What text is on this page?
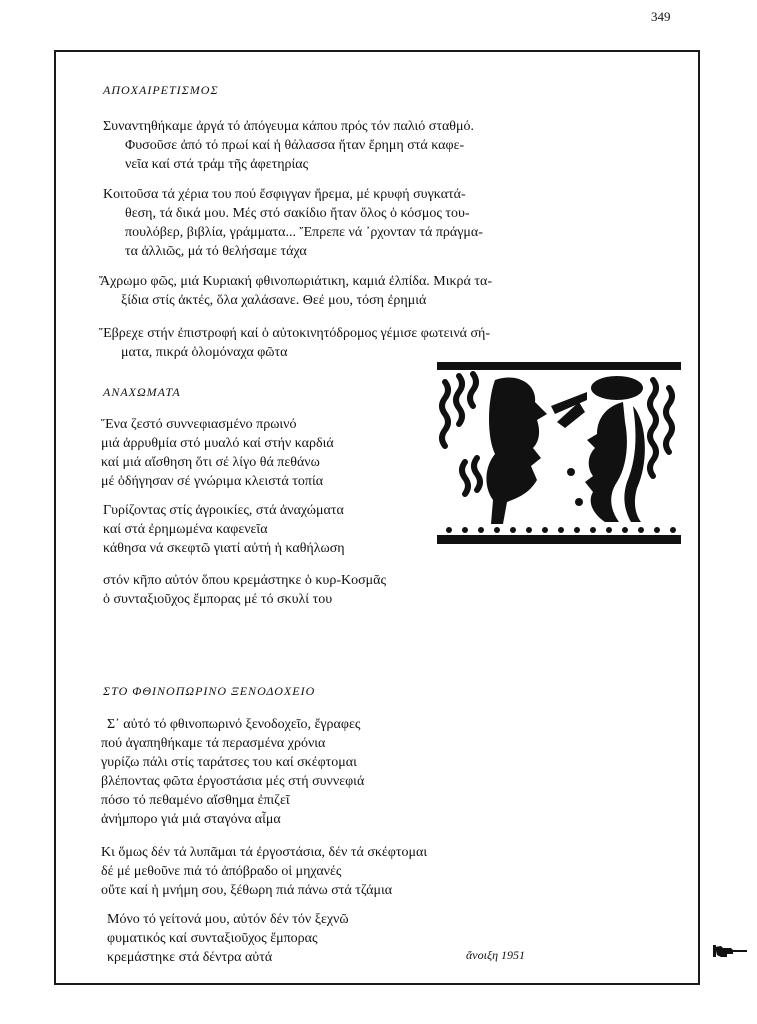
349
ΑΠΟΧΑΙΡΕΤΙΣΜΟΣ
Συναντηθήκαμε ἀργά τό ἀπόγευμα κάπου πρός τόν παλιό σταθμό.
Φυσοῦσε ἀπό τό πρωί καί ἡ θάλασσα ἤταν ἔρημη στά καφε-
νεῖα καί στά τράμ τῆς ἀφετηρίας
Κοιτοῦσα τά χέρια του πού ἔσφιγγαν ἤρεμα, μέ κρυφή συγκατά-
θεση, τά δικά μου. Μές στό σακίδιο ἤταν ὅλος ὁ κόσμος του-
πουλόβερ, βιβλία, γράμματα... Ἔπρεπε νά ᾿ρχονταν τά πράγμα-
τα ἀλλιῶς, μά τό θελήσαμε τάχα
Ἄχρωμο φῶς, μιά Κυριακή φθινοπωριάτικη, καμιά ἐλπίδα. Μικρά τα-
ξίδια στίς ἀκτές, ὅλα χαλάσανε. Θεέ μου, τόση ἐρημιά
Ἔβρεχε στήν ἐπιστροφή καί ὁ αὐτοκινητόδρομος γέμισε φωτεινά σή-
ματα, πικρά ὁλομόναχα φῶτα
ΑΝΑΧΩΜΑΤΑ
Ἕνα ζεστό συννεφιασμένο πρωινό
μιά ἀρρυθμία στό μυαλό καί στήν καρδιά
καί μιά αἴσθηση ὅτι σέ λίγο θά πεθάνω
μέ ὁδήγησαν σέ γνώριμα κλειστά τοπία
Γυρίζοντας στίς ἀγροικίες, στά ἀναχώματα
καί στά ἐρημωμένα καφενεῖα
κάθησα νά σκεφτῶ γιατί αὐτή ἡ καθήλωση
στόν κῆπο αὐτόν ὅπου κρεμάστηκε ὁ κυρ-Κοσμᾶς
ὁ συνταξιοῦχος ἔμπορας μέ τό σκυλί του
ΣΤΟ ΦΘΙΝΟΠΩΡΙΝΟ ΞΕΝΟΔΟΧΕΙΟ
Σ᾿ αὐτό τό φθινοπωρινό ξενοδοχεῖο, ἔγραφες
πού ἀγαπηθήκαμε τά περασμένα χρόνια
γυρίζω πάλι στίς ταράτσες του καί σκέφτομαι
βλέποντας φῶτα ἐργοστάσια μές στή συννεφιά
πόσο τό πεθαμένο αἴσθημα ἐπιζεῖ
ἀνήμπορο γιά μιά σταγόνα αἷμα
Κι ὅμως δέν τά λυπᾶμαι τά ἐργοστάσια, δέν τά σκέφτομαι
δέ μέ μεθοῦνε πιά τό ἀπόβραδο οἱ μηχανές
οὔτε καί ἡ μνήμη σου, ξέθωρη πιά πάνω στά τζάμια
Μόνο τό γείτονά μου, αὐτόν δέν τόν ξεχνῶ
φυματικός καί συνταξιοῦχος ἔμπορας
κρεμάστηκε στά δέντρα αὐτά	ἄνοιξη 1951
